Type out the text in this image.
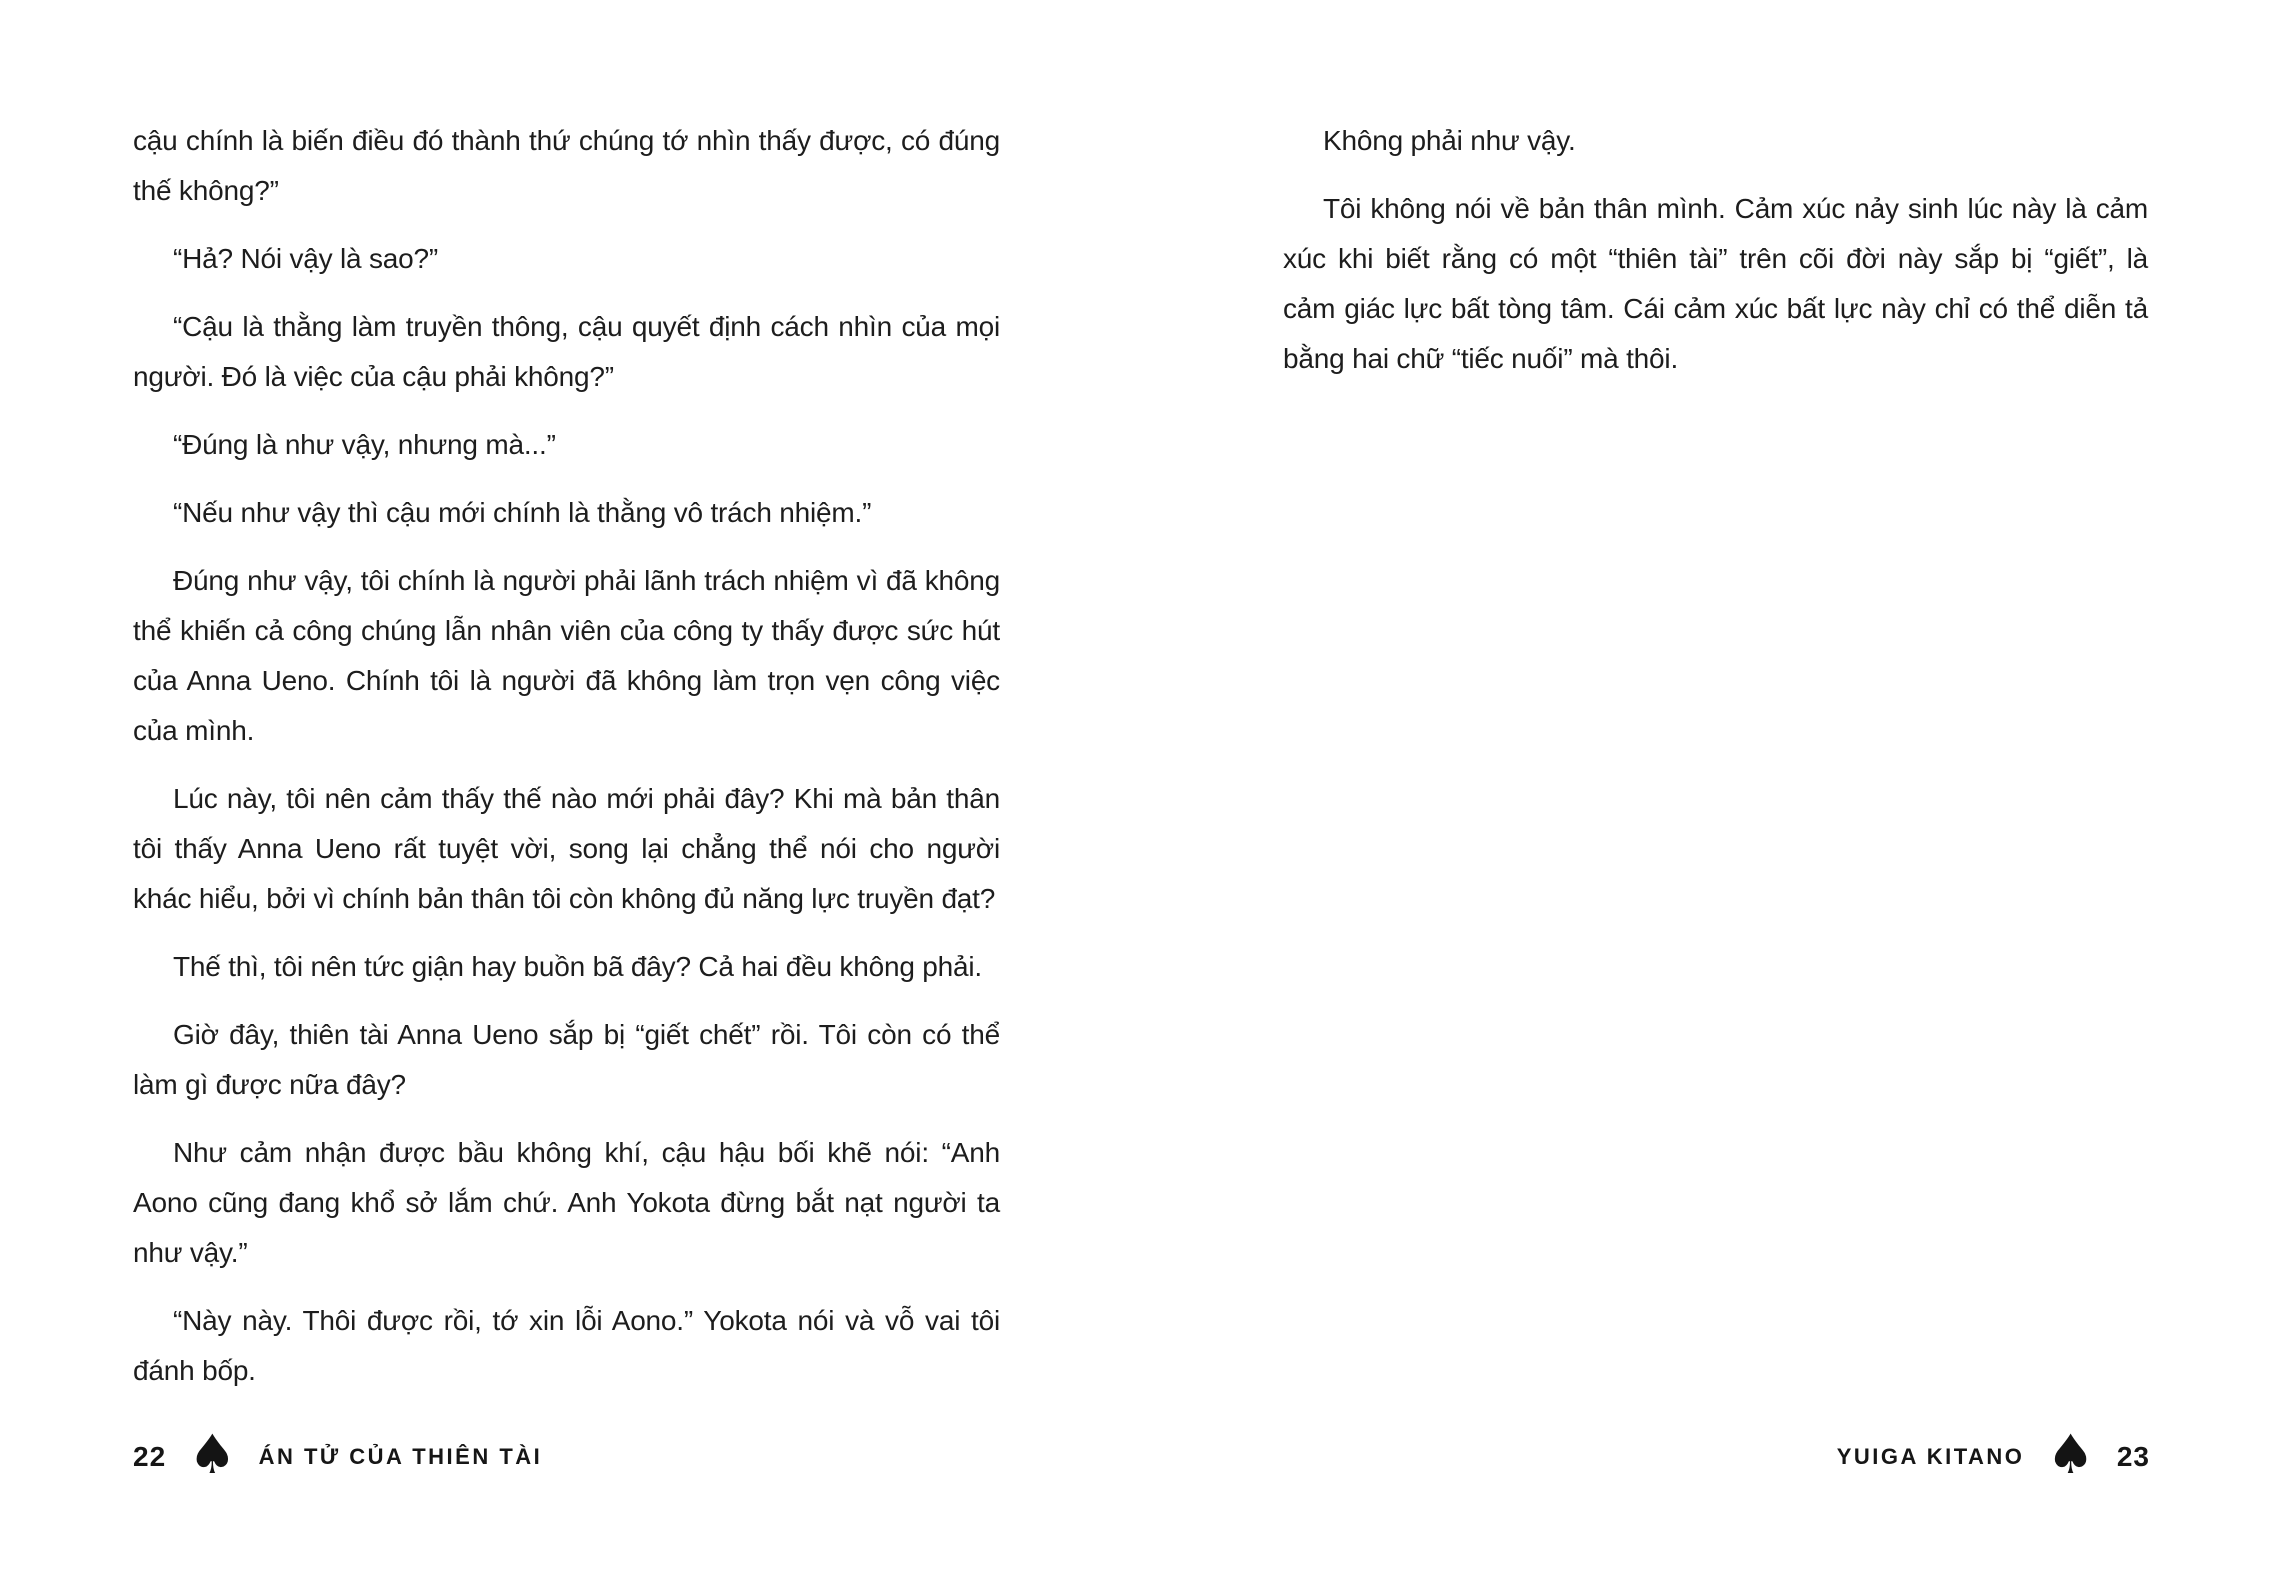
cậu chính là biến điều đó thành thứ chúng tớ nhìn thấy được, có đúng
thế không?”

“Hả? Nói vậy là sao?”

“Cậu là thằng làm truyền thông, cậu quyết định cách nhìn của mọi
người. Đó là việc của cậu phải không?”

“Đúng là như vậy, nhưng mà...”

“Nếu như vậy thì cậu mới chính là thằng vô trách nhiệm.”

Đúng như vậy, tôi chính là người phải lãnh trách nhiệm vì đã không
thể khiến cả công chúng lẫn nhân viên của công ty thấy được sức hút
của Anna Ueno. Chính tôi là người đã không làm trọn vẹn công việc
của mình.

Lúc này, tôi nên cảm thấy thế nào mới phải đây? Khi mà bản thân
tôi thấy Anna Ueno rất tuyệt vời, song lại chẳng thể nói cho người
khác hiểu, bởi vì chính bản thân tôi còn không đủ năng lực truyền đạt?

Thế thì, tôi nên tức giận hay buồn bã đây? Cả hai đều không phải.

Giờ đây, thiên tài Anna Ueno sắp bị “giết chết” rồi. Tôi còn có thể
làm gì được nữa đây?

Như cảm nhận được bầu không khí, cậu hậu bối khẽ nói: “Anh
Aono cũng đang khổ sở lắm chứ. Anh Yokota đừng bắt nạt người ta
như vậy.”

“Này này. Thôi được rồi, tớ xin lỗi Aono.” Yokota nói và vỗ vai tôi
đánh bốp.

Không phải như vậy.

Tôi không nói về bản thân mình. Cảm xúc nảy sinh lúc này là cảm
xúc khi biết rằng có một “thiên tài” trên cõi đời này sắp bị “giết”, là
cảm giác lực bất tòng tâm. Cái cảm xúc bất lực này chỉ có thể diễn tả
bằng hai chữ “tiếc nuối” mà thôi.

22 ♠ ÁN TỬ CỦA THIÊN TÀI	YUIGA KITANO ♠ 23
